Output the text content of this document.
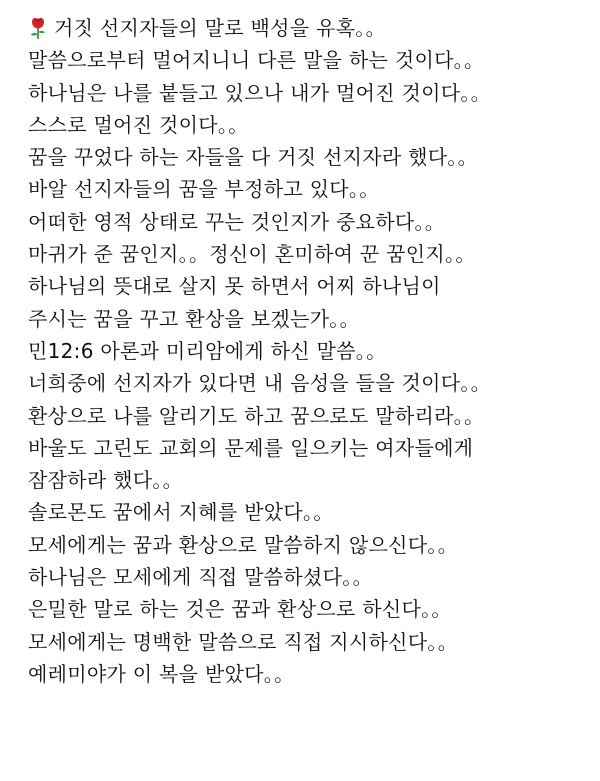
거짓 선지자들의 말로 백성을 유혹。。
말씀으로부터 멀어지니니 다른 말을 하는 것이다。。
하나님은 나를 붙들고 있으나 내가 멀어진 것이다。。
스스로 멀어진 것이다。。
꿈을 꾸었다 하는 자들을 다 거짓 선지자라 했다。。
바알 선지자들의 꿈을 부정하고 있다。。
어떠한 영적 상태로 꾸는 것인지가 중요하다。。
마귀가 준 꿈인지。。정신이 혼미하여 꾼 꿈인지。。
하나님의 뜻대로 살지 못 하면서 어찌 하나님이
주시는 꿈을 꾸고 환상을 보겠는가。。
민12:6 아론과 미리암에게 하신 말씀。。
너희중에 선지자가 있다면 내 음성을 들을 것이다。。
환상으로 나를 알리기도 하고 꿈으로도 말하리라。。
바울도 고린도 교회의 문제를 일으키는 여자들에게
잠잠하라 했다。。
솔로몬도 꿈에서 지혜를 받았다。。
모세에게는 꿈과 환상으로 말씀하지 않으신다。。
하나님은 모세에게 직접 말씀하셨다。。
은밀한 말로 하는 것은 꿈과 환상으로 하신다。。
모세에게는 명백한 말씀으로 직접 지시하신다。。
예레미야가 이 복을 받았다。。
